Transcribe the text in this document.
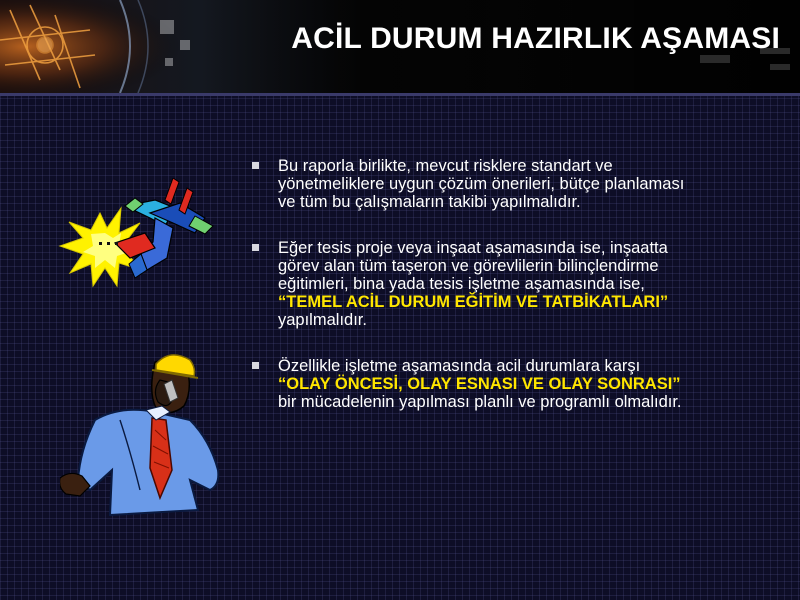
ACİL DURUM HAZIRLIK AŞAMASI
Bu raporla birlikte, mevcut risklere standart ve
yönetmeliklere uygun çözüm önerileri, bütçe planlaması
ve tüm bu çalışmaların takibi yapılmalıdır.
Eğer tesis proje veya inşaat aşamasında ise, inşaatta
görev alan tüm taşeron ve görevlilerin bilinçlendirme
eğitimleri, bina yada tesis işletme aşamasında ise,
“TEMEL ACİL DURUM EĞİTİM VE TATBİKATLARI”
yapılmalıdır.
Özellikle işletme aşamasında acil durumlara karşı
“OLAY ÖNCESİ, OLAY ESNASI VE OLAY SONRASI”
bir mücadelenin yapılması planlı ve programlı olmalıdır.
